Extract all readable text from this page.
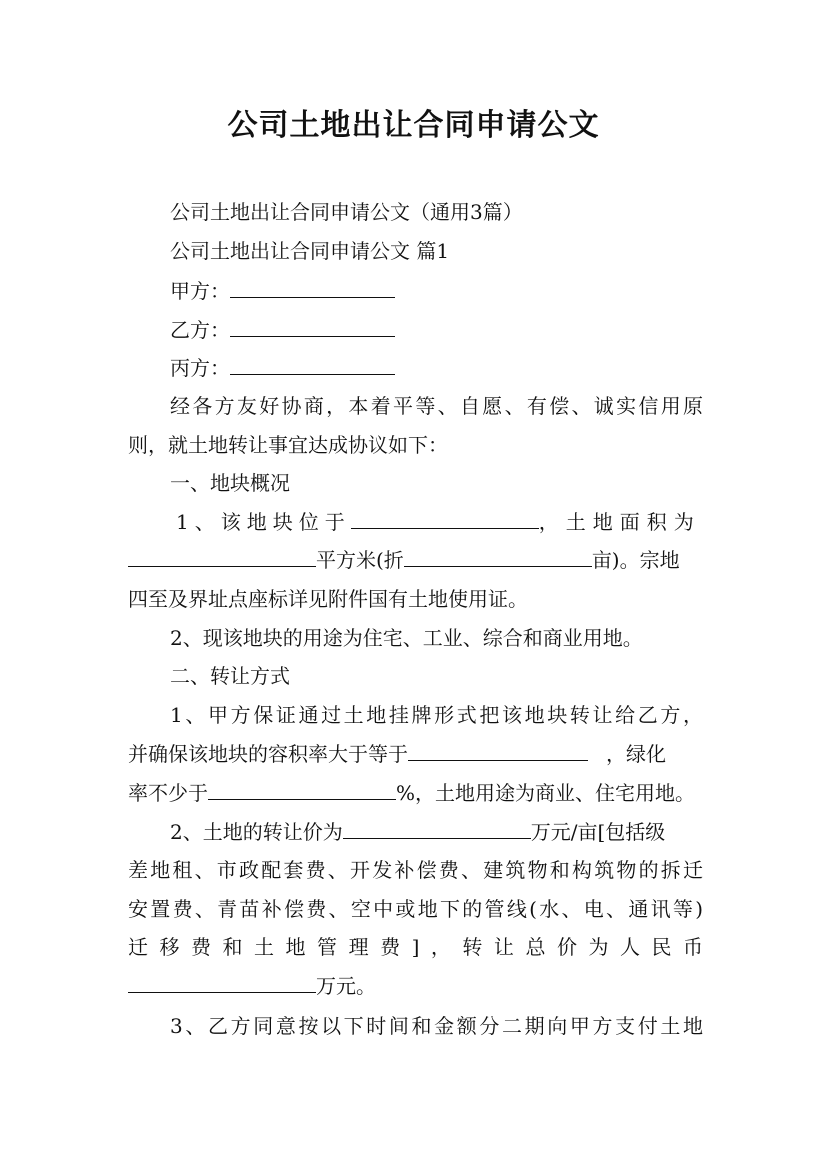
公司土地出让合同申请公文
公司土地出让合同申请公文（通用3篇）
公司土地出让合同申请公文 篇1
甲方：
乙方：
丙方：
经各方友好协商，本着平等、自愿、有偿、诚实信用原
则，就土地转让事宜达成协议如下：
一、地块概况
1、该地块位于	，土地面积为
平方米(折	亩)。宗地
四至及界址点座标详见附件国有土地使用证。
2、现该地块的用途为住宅、工业、综合和商业用地。
二、转让方式
1、甲方保证通过土地挂牌形式把该地块转让给乙方，
并确保该地块的容积率大于等于	，绿化
率不少于	%，土地用途为商业、住宅用地。
2、土地的转让价为	万元/亩[包括级
差地租、市政配套费、开发补偿费、建筑物和构筑物的拆迁
安置费、青苗补偿费、空中或地下的管线(水、电、通讯等)
迁移费和土地管理费]，转让总价为人民币
万元。
3、乙方同意按以下时间和金额分二期向甲方支付土地
